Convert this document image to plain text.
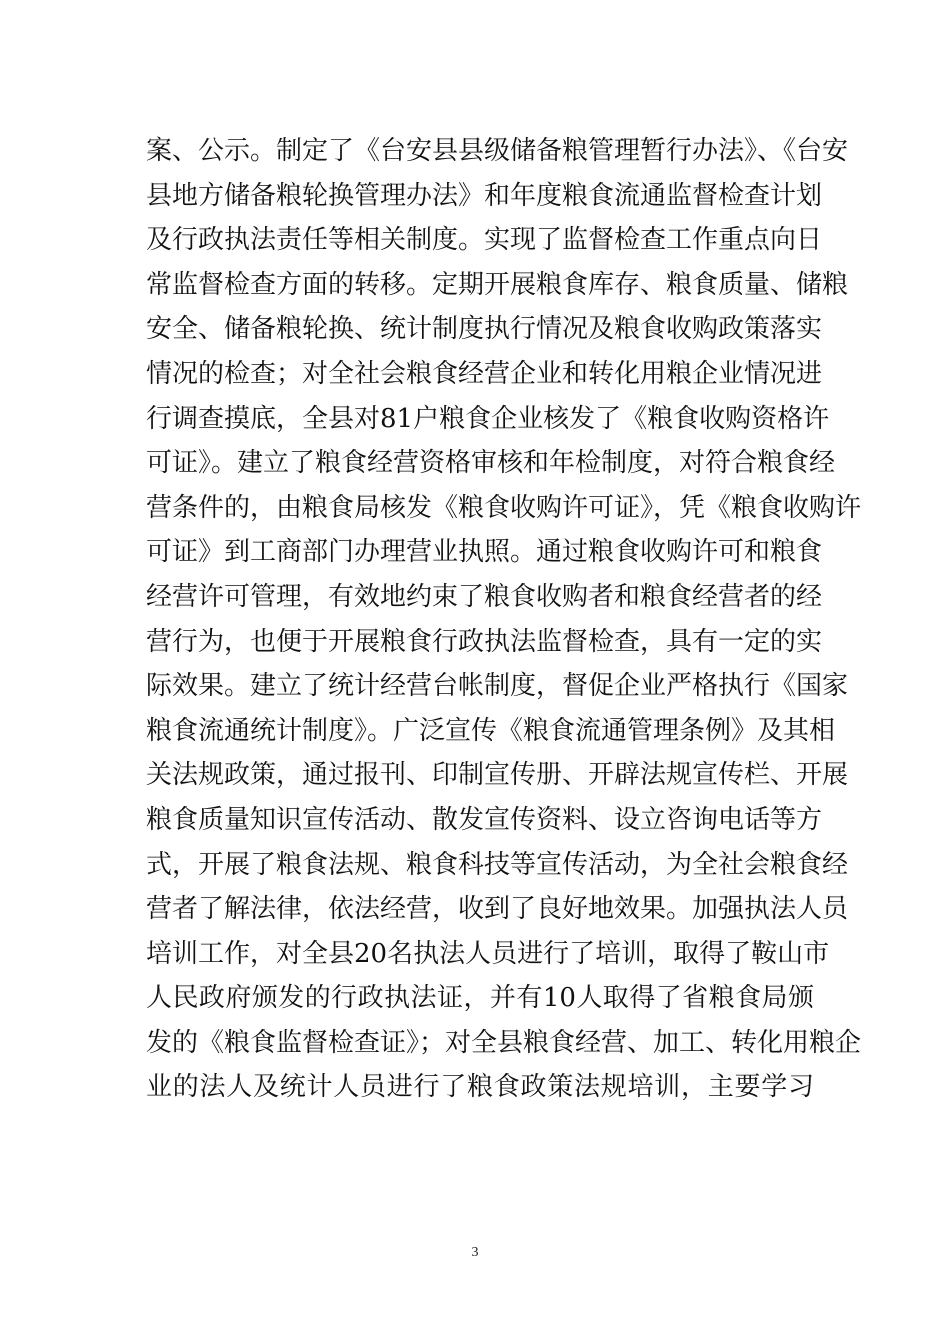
案、公示。制定了《台安县县级储备粮管理暂行办法》、《台安
县地方储备粮轮换管理办法》和年度粮食流通监督检查计划
及行政执法责任等相关制度。实现了监督检查工作重点向日
常监督检查方面的转移。定期开展粮食库存、粮食质量、储粮
安全、储备粮轮换、统计制度执行情况及粮食收购政策落实
情况的检查；对全社会粮食经营企业和转化用粮企业情况进
行调查摸底，全县对81户粮食企业核发了《粮食收购资格许
可证》。建立了粮食经营资格审核和年检制度，对符合粮食经
营条件的，由粮食局核发《粮食收购许可证》，凭《粮食收购许
可证》到工商部门办理营业执照。通过粮食收购许可和粮食
经营许可管理，有效地约束了粮食收购者和粮食经营者的经
营行为，也便于开展粮食行政执法监督检查，具有一定的实
际效果。建立了统计经营台帐制度，督促企业严格执行《国家
粮食流通统计制度》。广泛宣传《粮食流通管理条例》及其相
关法规政策，通过报刊、印制宣传册、开辟法规宣传栏、开展
粮食质量知识宣传活动、散发宣传资料、设立咨询电话等方
式，开展了粮食法规、粮食科技等宣传活动，为全社会粮食经
营者了解法律，依法经营，收到了良好地效果。加强执法人员
培训工作，对全县20名执法人员进行了培训，取得了鞍山市
人民政府颁发的行政执法证，并有10人取得了省粮食局颁
发的《粮食监督检查证》；对全县粮食经营、加工、转化用粮企
业的法人及统计人员进行了粮食政策法规培训，主要学习
3
